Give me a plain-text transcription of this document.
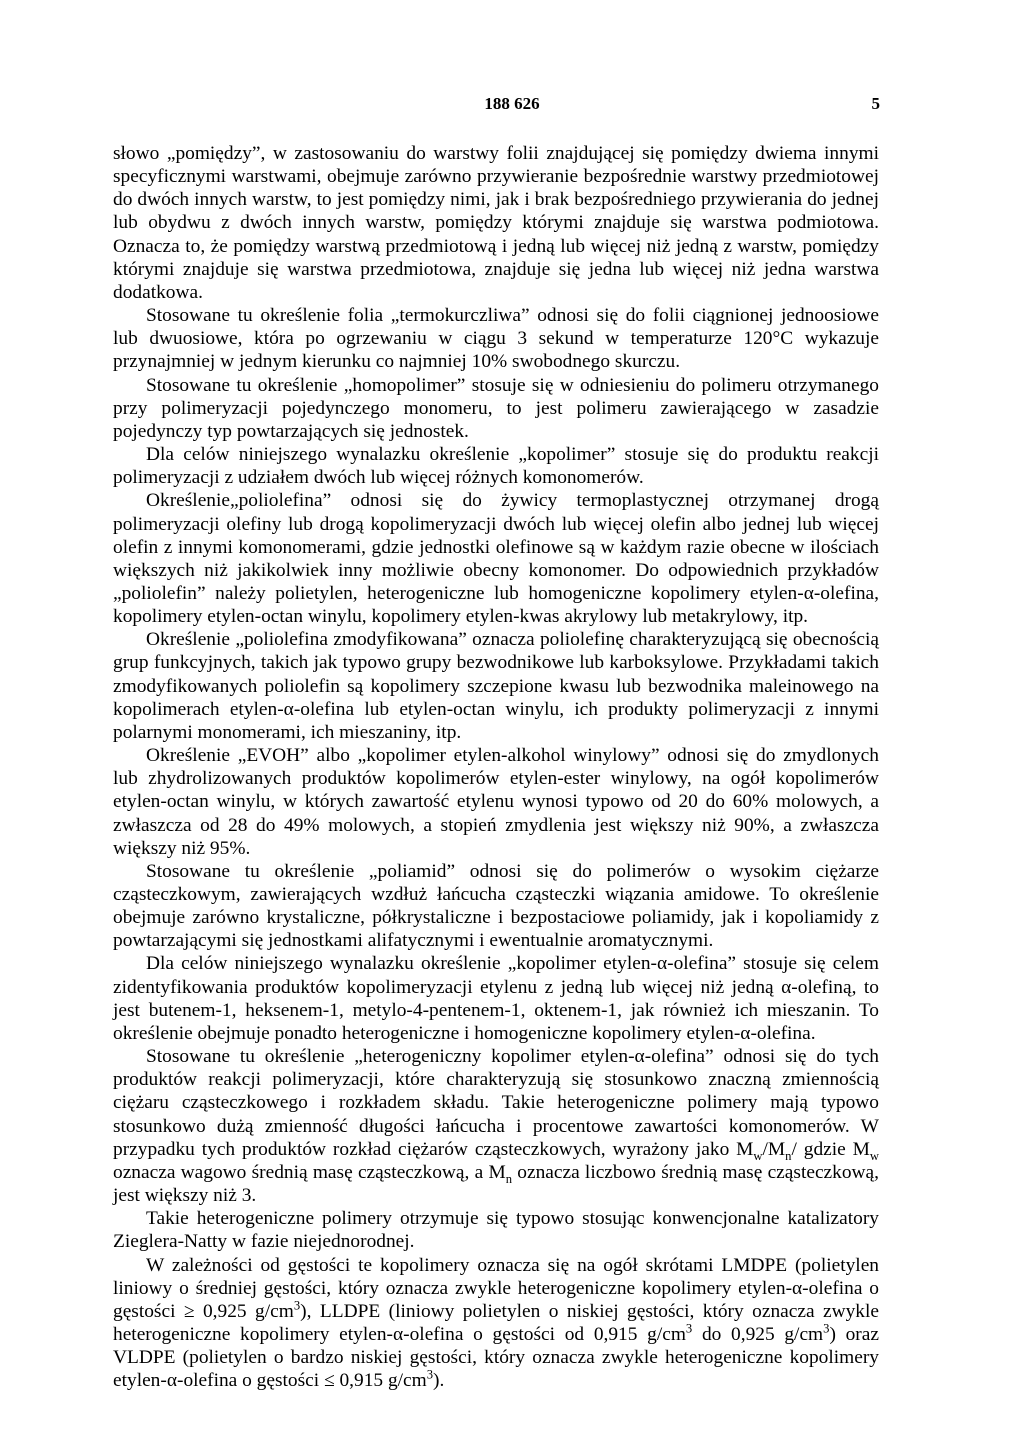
188 626	5

słowo „pomiędzy”, w zastosowaniu do warstwy folii znajdującej się pomiędzy dwiema innymi specyficznymi warstwami, obejmuje zarówno przywieranie bezpośrednie warstwy przedmiotowej do dwóch innych warstw, to jest pomiędzy nimi, jak i brak bezpośredniego przywierania do jednej lub obydwu z dwóch innych warstw, pomiędzy którymi znajduje się warstwa podmiotowa. Oznacza to, że pomiędzy warstwą przedmiotową i jedną lub więcej niż jedną z warstw, pomiędzy którymi znajduje się warstwa przedmiotowa, znajduje się jedna lub więcej niż jedna warstwa dodatkowa.

Stosowane tu określenie folia „termokurczliwa” odnosi się do folii ciągnionej jednoosiowe lub dwuosiowe, która po ogrzewaniu w ciągu 3 sekund w temperaturze 120°C wykazuje przynajmniej w jednym kierunku co najmniej 10% swobodnego skurczu.

Stosowane tu określenie „homopolimer” stosuje się w odniesieniu do polimeru otrzymanego przy polimeryzacji pojedynczego monomeru, to jest polimeru zawierającego w zasadzie pojedynczy typ powtarzających się jednostek.

Dla celów niniejszego wynalazku określenie „kopolimer” stosuje się do produktu reakcji polimeryzacji z udziałem dwóch lub więcej różnych komonomerów.

Określenie„poliolefina” odnosi się do żywicy termoplastycznej otrzymanej drogą polimeryzacji olefiny lub drogą kopolimeryzacji dwóch lub więcej olefin albo jednej lub więcej olefin z innymi komonomerami, gdzie jednostki olefinowe są w każdym razie obecne w ilościach większych niż jakikolwiek inny możliwie obecny komonomer. Do odpowiednich przykładów „poliolefin” należy polietylen, heterogeniczne lub homogeniczne kopolimery etylen-α-olefina, kopolimery etylen-octan winylu, kopolimery etylen-kwas akrylowy lub metakrylowy, itp.

Określenie „poliolefina zmodyfikowana” oznacza poliolefinę charakteryzującą się obecnością grup funkcyjnych, takich jak typowo grupy bezwodnikowe lub karboksylowe. Przykładami takich zmodyfikowanych poliolefin są kopolimery szczepione kwasu lub bezwodnika maleinowego na kopolimerach etylen-α-olefina lub etylen-octan winylu, ich produkty polimeryzacji z innymi polarnymi monomerami, ich mieszaniny, itp.

Określenie „EVOH” albo „kopolimer etylen-alkohol winylowy” odnosi się do zmydlonych lub zhydrolizowanych produktów kopolimerów etylen-ester winylowy, na ogół kopolimerów etylen-octan winylu, w których zawartość etylenu wynosi typowo od 20 do 60% molowych, a zwłaszcza od 28 do 49% molowych, a stopień zmydlenia jest większy niż 90%, a zwłaszcza większy niż 95%.

Stosowane tu określenie „poliamid” odnosi się do polimerów o wysokim ciężarze cząsteczkowym, zawierających wzdłuż łańcucha cząsteczki wiązania amidowe. To określenie obejmuje zarówno krystaliczne, półkrystaliczne i bezpostaciowe poliamidy, jak i kopoliamidy z powtarzającymi się jednostkami alifatycznymi i ewentualnie aromatycznymi.

Dla celów niniejszego wynalazku określenie „kopolimer etylen-α-olefina” stosuje się celem zidentyfikowania produktów kopolimeryzacji etylenu z jedną lub więcej niż jedną α-olefiną, to jest butenem-1, heksenem-1, metylo-4-pentenem-1, oktenem-1, jak również ich mieszanin. To określenie obejmuje ponadto heterogeniczne i homogeniczne kopolimery etylen-α-olefina.

Stosowane tu określenie „heterogeniczny kopolimer etylen-α-olefina” odnosi się do tych produktów reakcji polimeryzacji, które charakteryzują się stosunkowo znaczną zmiennością ciężaru cząsteczkowego i rozkładem składu. Takie heterogeniczne polimery mają typowo stosunkowo dużą zmienność długości łańcucha i procentowe zawartości komonomerów. W przypadku tych produktów rozkład ciężarów cząsteczkowych, wyrażony jako $M_w/M_n/$ gdzie $M_w$ oznacza wagowo średnią masę cząsteczkową, a $M_n$ oznacza liczbowo średnią masę cząsteczkową, jest większy niż 3.

Takie heterogeniczne polimery otrzymuje się typowo stosując konwencjonalne katalizatory Zieglera-Natty w fazie niejednorodnej.

W zależności od gęstości te kopolimery oznacza się na ogół skrótami LMDPE (polietylen liniowy o średniej gęstości, który oznacza zwykle heterogeniczne kopolimery etylen-α-olefina o gęstości ≥ 0,925 $g/cm^3$), LLDPE (liniowy polietylen o niskiej gęstości, który oznacza zwykle heterogeniczne kopolimery etylen-α-olefina o gęstości od 0,915 $g/cm^3$ do 0,925 $g/cm^3$) oraz VLDPE (polietylen o bardzo niskiej gęstości, który oznacza zwykle heterogeniczne kopolimery etylen-α-olefina o gęstości ≤ 0,915 $g/cm^3$).
